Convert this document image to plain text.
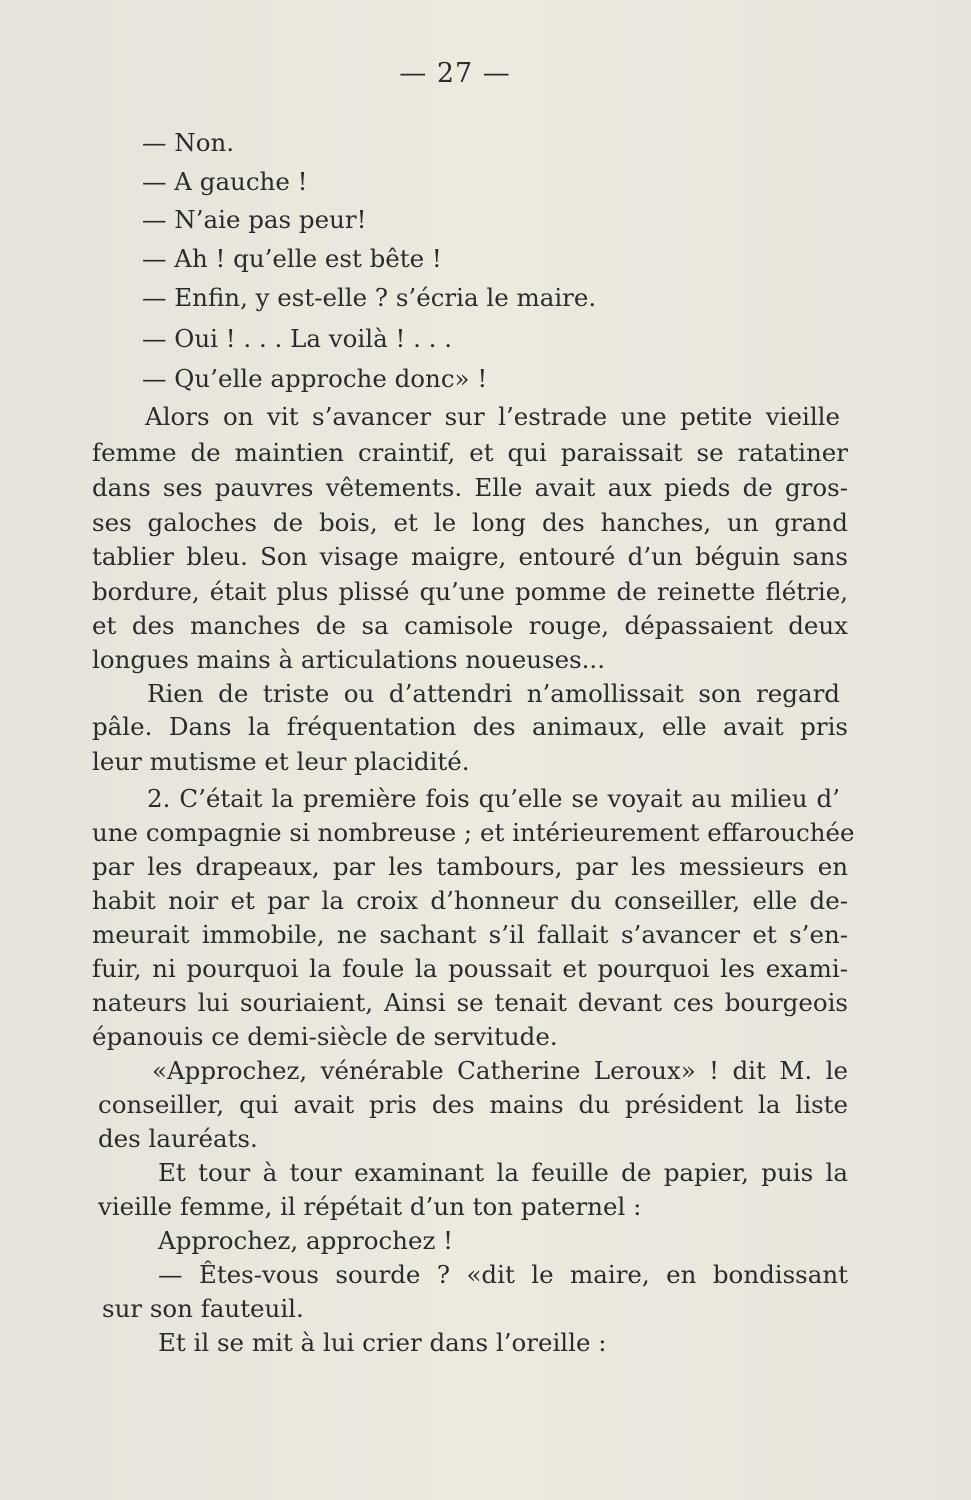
— 27 —
— Non.
— A gauche !
— N’aie pas peur!
— Ah ! qu’elle est bête !
— Enfin, y est-elle ? s’écria le maire.
— Oui ! . . . La voilà ! . . .
— Qu’elle approche donc» !
Alors on vit s’avancer sur l’estrade une petite vieille
femme de maintien craintif, et qui paraissait se ratatiner
dans ses pauvres vêtements. Elle avait aux pieds de gros-
ses galoches de bois, et le long des hanches, un grand
tablier bleu. Son visage maigre, entouré d’un béguin sans
bordure, était plus plissé qu’une pomme de reinette flétrie,
et des manches de sa camisole rouge, dépassaient deux
longues mains à articulations noueuses...
Rien de triste ou d’attendri n’amollissait son regard
pâle. Dans la fréquentation des animaux, elle avait pris
leur mutisme et leur placidité.
2. C’était la première fois qu’elle se voyait au milieu d’
une compagnie si nombreuse ; et intérieurement effarouchée
par les drapeaux, par les tambours, par les messieurs en
habit noir et par la croix d’honneur du conseiller, elle de-
meurait immobile, ne sachant s’il fallait s’avancer et s’en-
fuir, ni pourquoi la foule la poussait et pourquoi les exami-
nateurs lui souriaient, Ainsi se tenait devant ces bourgeois
épanouis ce demi-siècle de servitude.
«Approchez, vénérable Catherine Leroux» ! dit M. le
conseiller, qui avait pris des mains du président la liste
des lauréats.
Et tour à tour examinant la feuille de papier, puis la
vieille femme, il répétait d’un ton paternel :
Approchez, approchez !
— Êtes-vous sourde ? «dit le maire, en bondissant
sur son fauteuil.
Et il se mit à lui crier dans l’oreille :
